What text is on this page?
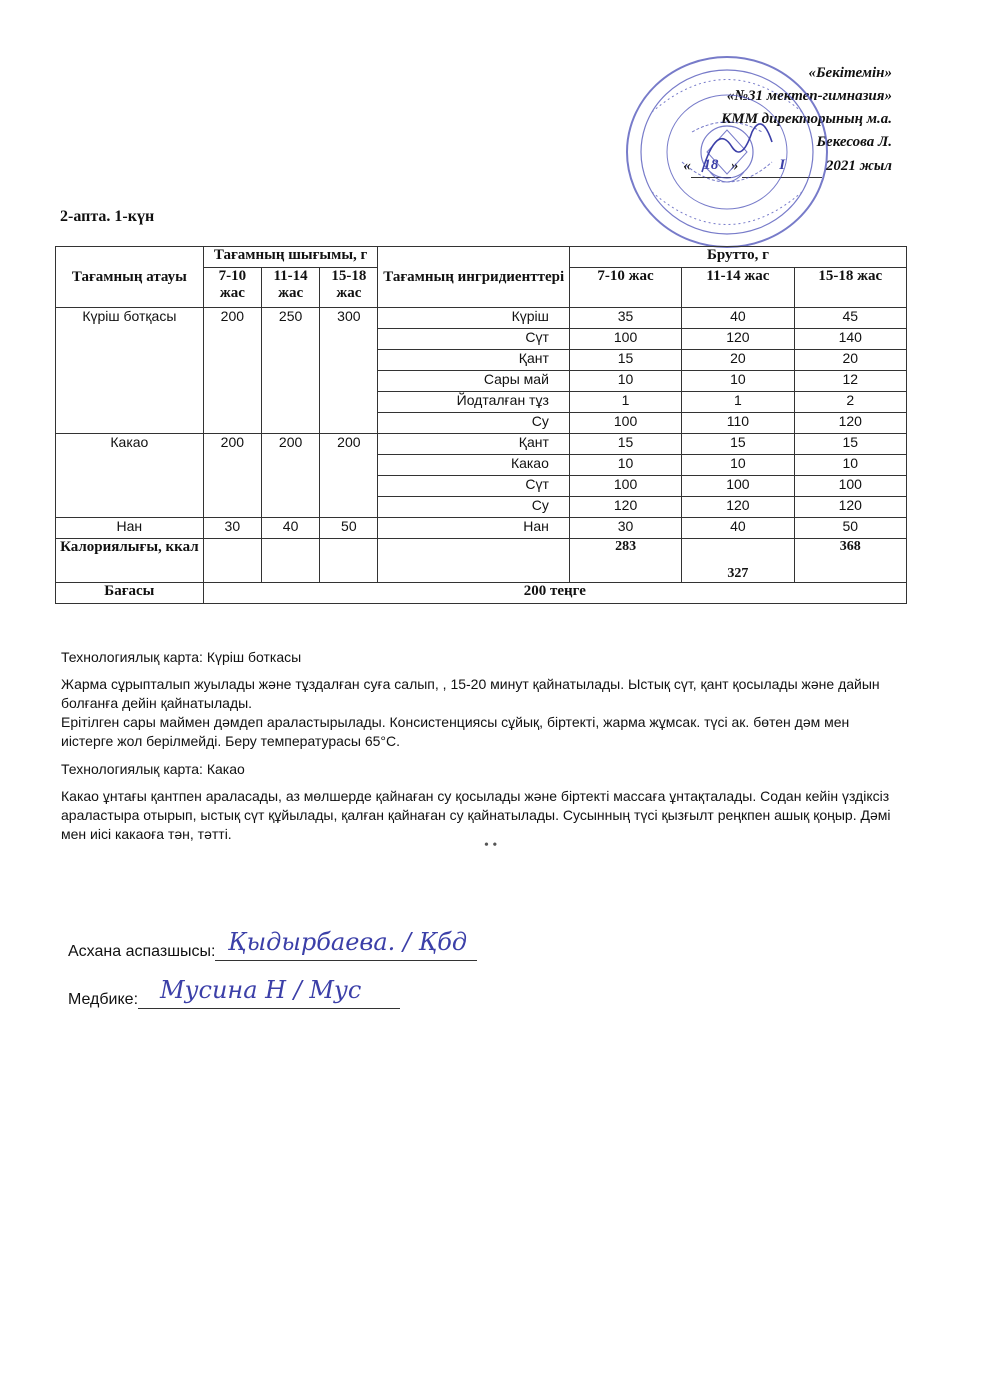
«Бекітемін»
«№31 мектеп-гимназия»
КММ директорының м.а.
Бекесова Л.
« 18 »	I	2021 жыл
2-апта. 1-күн
Тағамның атауы	Тағамның шығымы, г			Тағамның ингридиенттері	Брутто, г		
	7-10 жас	11-14 жас	15-18 жас		7-10 жас	11-14 жас	15-18 жас
Күріш ботқасы	200	250	300	Күріш	35	40	45
				Сүт	100	120	140
				Қант	15	20	20
				Сары май	10	10	12
				Йодталған тұз	1	1	2
				Су	100	110	120
Какао	200	200	200	Қант	15	15	15
				Какао	10	10	10
				Сүт	100	100	100
				Су	120	120	120
Нан	30	40	50	Нан	30	40	50
Калориялығы, ккал					283	327	368
Бағасы	200 теңге						
Технологиялық карта: Күріш боткасы
Жарма сұрыпталып жуылады және тұздалған суға салып, , 15-20 минут қайнатылады. Ыстық сүт, қант қосылады және дайын болғанға дейін қайнатылады.
Ерітілген сары маймен дәмдеп араластырылады. Консистенциясы сұйық, біртекті, жарма жұмсак. түсі ак. бөтен дәм мен иістерге жол берілмейді. Беру температурасы 65°С.
Технологиялық карта: Какао
Какао ұнтағы қантпен араласады, аз мөлшерде қайнаған су қосылады және біртекті массаға ұнтақталады. Содан кейін үздіксіз араластыра отырып, ыстық сүт құйылады, қалған қайнаған су қайнатылады. Сусынның түсі қызғылт реңкпен ашық қоңыр. Дәмі мен иісі какаоға тән, тәтті.
• •
Асхана аспазшысы: Қыдырбаева. / Қбд
Медбике: Мусина Н / Мус
